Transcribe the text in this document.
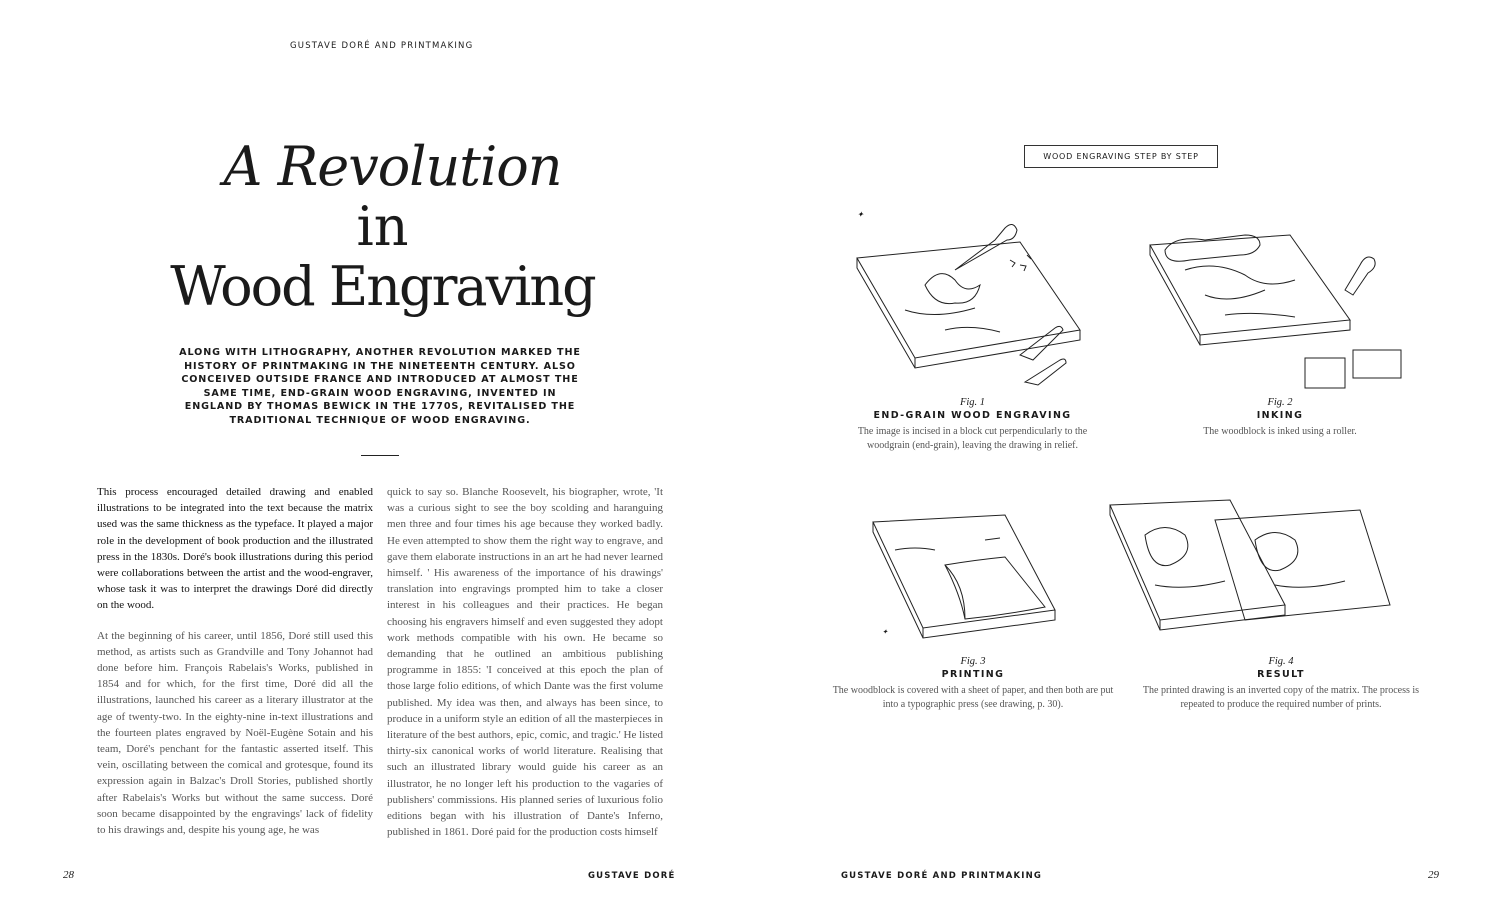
GUSTAVE DORÉ AND PRINTMAKING
A Revolution
in
Wood Engraving
ALONG WITH LITHOGRAPHY, ANOTHER REVOLUTION MARKED THE HISTORY OF PRINTMAKING IN THE NINETEENTH CENTURY. ALSO CONCEIVED OUTSIDE FRANCE AND INTRODUCED AT ALMOST THE SAME TIME, END-GRAIN WOOD ENGRAVING, INVENTED IN ENGLAND BY THOMAS BEWICK IN THE 1770S, REVITALISED THE TRADITIONAL TECHNIQUE OF WOOD ENGRAVING.

This process encouraged detailed drawing and enabled illustrations to be integrated into the text because the matrix used was the same thickness as the typeface. It played a major role in the development of book production and the illustrated press in the 1830s. Doré's book illustrations during this period were collaborations between the artist and the wood-engraver, whose task it was to interpret the drawings Doré did directly on the wood.

At the beginning of his career, until 1856, Doré still used this method, as artists such as Grandville and Tony Johannot had done before him. François Rabelais's Works, published in 1854 and for which, for the first time, Doré did all the illustrations, launched his career as a literary illustrator at the age of twenty-two. In the eighty-nine in-text illustrations and the fourteen plates engraved by Noël-Eugène Sotain and his team, Doré's penchant for the fantastic asserted itself. This vein, oscillating between the comical and grotesque, found its expression again in Balzac's Droll Stories, published shortly after Rabelais's Works but without the same success. Doré soon became disappointed by the engravings' lack of fidelity to his drawings and, despite his young age, he was

quick to say so. Blanche Roosevelt, his biographer, wrote, 'It was a curious sight to see the boy scolding and haranguing men three and four times his age because they worked badly. He even attempted to show them the right way to engrave, and gave them elaborate instructions in an art he had never learned himself. ' His awareness of the importance of his drawings' translation into engravings prompted him to take a closer interest in his colleagues and their practices. He began choosing his engravers himself and even suggested they adopt work methods compatible with his own. He became so demanding that he outlined an ambitious publishing programme in 1855: 'I conceived at this epoch the plan of those large folio editions, of which Dante was the first volume published. My idea was then, and always has been since, to produce in a uniform style an edition of all the masterpieces in literature of the best authors, epic, comic, and tragic.' He listed thirty-six canonical works of world literature. Realising that such an illustrated library would guide his career as an illustrator, he no longer left his production to the vagaries of publishers' commissions. His planned series of luxurious folio editions began with his illustration of Dante's Inferno, published in 1861. Doré paid for the production costs himself

28	GUSTAVE DORÉ
WOOD ENGRAVING STEP BY STEP
✦
Fig. 1
END-GRAIN WOOD ENGRAVING
The image is incised in a block cut perpendicularly to the woodgrain (end-grain), leaving the drawing in relief.
Fig. 2
INKING
The woodblock is inked using a roller.
✦
Fig. 3
PRINTING
The woodblock is covered with a sheet of paper, and then both are put into a typographic press (see drawing, p. 30).
Fig. 4
RESULT
The printed drawing is an inverted copy of the matrix. The process is repeated to produce the required number of prints.
GUSTAVE DORÉ AND PRINTMAKING	29
